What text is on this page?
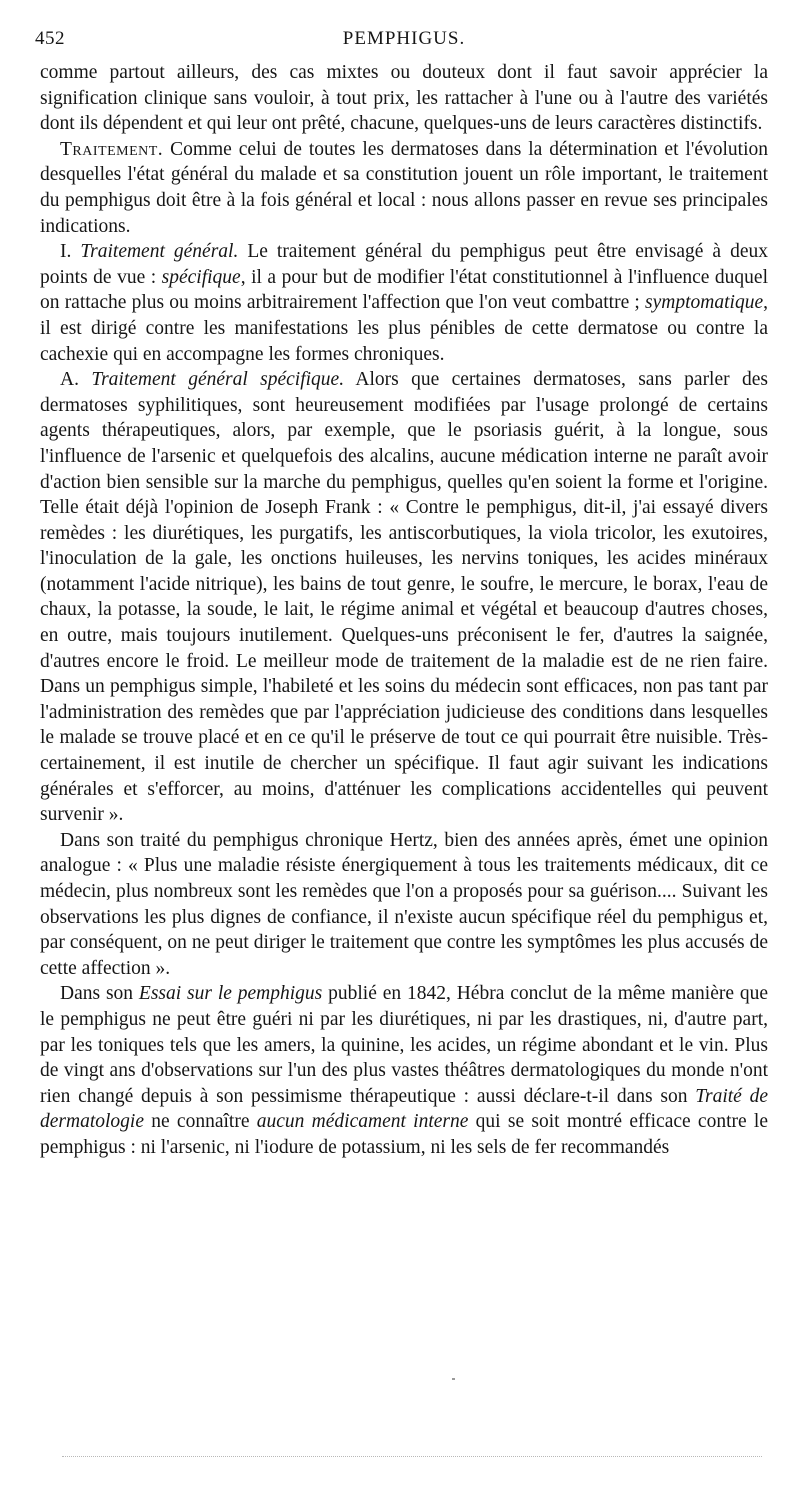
452	PEMPHIGUS.

comme partout ailleurs, des cas mixtes ou douteux dont il faut savoir apprécier la signification clinique sans vouloir, à tout prix, les rattacher à l'une ou à l'autre des variétés dont ils dépendent et qui leur ont prêté, chacune, quelques-uns de leurs caractères distinctifs.

Traitement. Comme celui de toutes les dermatoses dans la détermination et l'évolution desquelles l'état général du malade et sa constitution jouent un rôle important, le traitement du pemphigus doit être à la fois général et local : nous allons passer en revue ses principales indications.

I. Traitement général. Le traitement général du pemphigus peut être envisagé à deux points de vue : spécifique, il a pour but de modifier l'état constitutionnel à l'influence duquel on rattache plus ou moins arbitrairement l'affection que l'on veut combattre ; symptomatique, il est dirigé contre les manifestations les plus pénibles de cette dermatose ou contre la cachexie qui en accompagne les formes chroniques.

A. Traitement général spécifique. Alors que certaines dermatoses, sans parler des dermatoses syphilitiques, sont heureusement modifiées par l'usage prolongé de certains agents thérapeutiques, alors, par exemple, que le psoriasis guérit, à la longue, sous l'influence de l'arsenic et quelquefois des alcalins, aucune médication interne ne paraît avoir d'action bien sensible sur la marche du pemphigus, quelles qu'en soient la forme et l'origine. Telle était déjà l'opinion de Joseph Frank : « Contre le pemphigus, dit-il, j'ai essayé divers remèdes : les diurétiques, les purgatifs, les antiscorbutiques, la viola tricolor, les exutoires, l'inoculation de la gale, les onctions huileuses, les nervins toniques, les acides minéraux (notamment l'acide nitrique), les bains de tout genre, le soufre, le mercure, le borax, l'eau de chaux, la potasse, la soude, le lait, le régime animal et végétal et beaucoup d'autres choses, en outre, mais toujours inutilement. Quelques-uns préconisent le fer, d'autres la saignée, d'autres encore le froid. Le meilleur mode de traitement de la maladie est de ne rien faire. Dans un pemphigus simple, l'habileté et les soins du médecin sont efficaces, non pas tant par l'administration des remèdes que par l'appréciation judicieuse des conditions dans lesquelles le malade se trouve placé et en ce qu'il le préserve de tout ce qui pourrait être nuisible. Très-certainement, il est inutile de chercher un spécifique. Il faut agir suivant les indications générales et s'efforcer, au moins, d'atténuer les complications accidentelles qui peuvent survenir ».

Dans son traité du pemphigus chronique Hertz, bien des années après, émet une opinion analogue : « Plus une maladie résiste énergiquement à tous les traitements médicaux, dit ce médecin, plus nombreux sont les remèdes que l'on a proposés pour sa guérison.... Suivant les observations les plus dignes de confiance, il n'existe aucun spécifique réel du pemphigus et, par conséquent, on ne peut diriger le traitement que contre les symptômes les plus accusés de cette affection ».

Dans son Essai sur le pemphigus publié en 1842, Hébra conclut de la même manière que le pemphigus ne peut être guéri ni par les diurétiques, ni par les drastiques, ni, d'autre part, par les toniques tels que les amers, la quinine, les acides, un régime abondant et le vin. Plus de vingt ans d'observations sur l'un des plus vastes théâtres dermatologiques du monde n'ont rien changé depuis à son pessimisme thérapeutique : aussi déclare-t-il dans son Traité de dermatologie ne connaître aucun médicament interne qui se soit montré efficace contre le pemphigus : ni l'arsenic, ni l'iodure de potassium, ni les sels de fer recommandés
